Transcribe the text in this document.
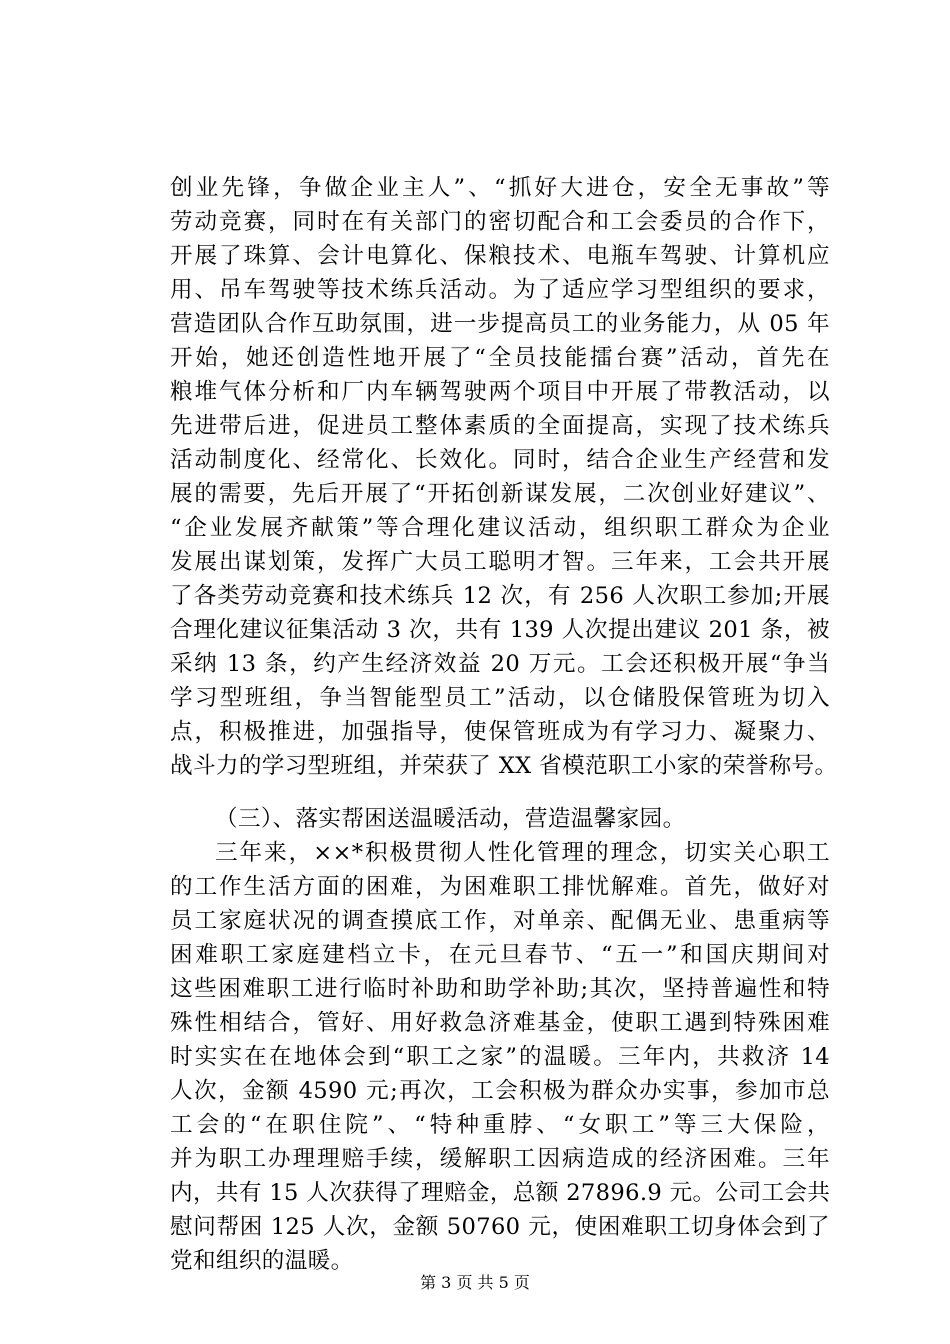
创业先锋，争做企业主人”、“抓好大进仓，安全无事故”等
劳动竞赛，同时在有关部门的密切配合和工会委员的合作下，
开展了珠算、会计电算化、保粮技术、电瓶车驾驶、计算机应
用、吊车驾驶等技术练兵活动。为了适应学习型组织的要求，
营造团队合作互助氛围，进一步提高员工的业务能力，从 05 年
开始，她还创造性地开展了“全员技能擂台赛”活动，首先在
粮堆气体分析和厂内车辆驾驶两个项目中开展了带教活动，以
先进带后进，促进员工整体素质的全面提高，实现了技术练兵
活动制度化、经常化、长效化。同时，结合企业生产经营和发
展的需要，先后开展了“开拓创新谋发展，二次创业好建议”、
“企业发展齐献策”等合理化建议活动，组织职工群众为企业
发展出谋划策，发挥广大员工聪明才智。三年来，工会共开展
了各类劳动竞赛和技术练兵 12 次，有 256 人次职工参加;开展
合理化建议征集活动 3 次，共有 139 人次提出建议 201 条，被
采纳 13 条，约产生经济效益 20 万元。工会还积极开展“争当
学习型班组，争当智能型员工”活动，以仓储股保管班为切入
点，积极推进，加强指导，使保管班成为有学习力、凝聚力、
战斗力的学习型班组，并荣获了 XX 省模范职工小家的荣誉称号。
（三）、落实帮困送温暖活动，营造温馨家园。
三年来，××*积极贯彻人性化管理的理念，切实关心职工
的工作生活方面的困难，为困难职工排忧解难。首先，做好对
员工家庭状况的调查摸底工作，对单亲、配偶无业、患重病等
困难职工家庭建档立卡，在元旦春节、“五一”和国庆期间对
这些困难职工进行临时补助和助学补助;其次，坚持普遍性和特
殊性相结合，管好、用好救急济难基金，使职工遇到特殊困难
时实实在在地体会到“职工之家”的温暖。三年内，共救济 14
人次，金额 4590 元;再次，工会积极为群众办实事，参加市总
工会的“在职住院”、“特种重脖、“女职工”等三大保险，
并为职工办理理赔手续，缓解职工因病造成的经济困难。三年
内，共有 15 人次获得了理赔金，总额 27896.9 元。公司工会共
慰问帮困 125 人次，金额 50760 元，使困难职工切身体会到了
党和组织的温暖。
第 3 页 共 5 页
